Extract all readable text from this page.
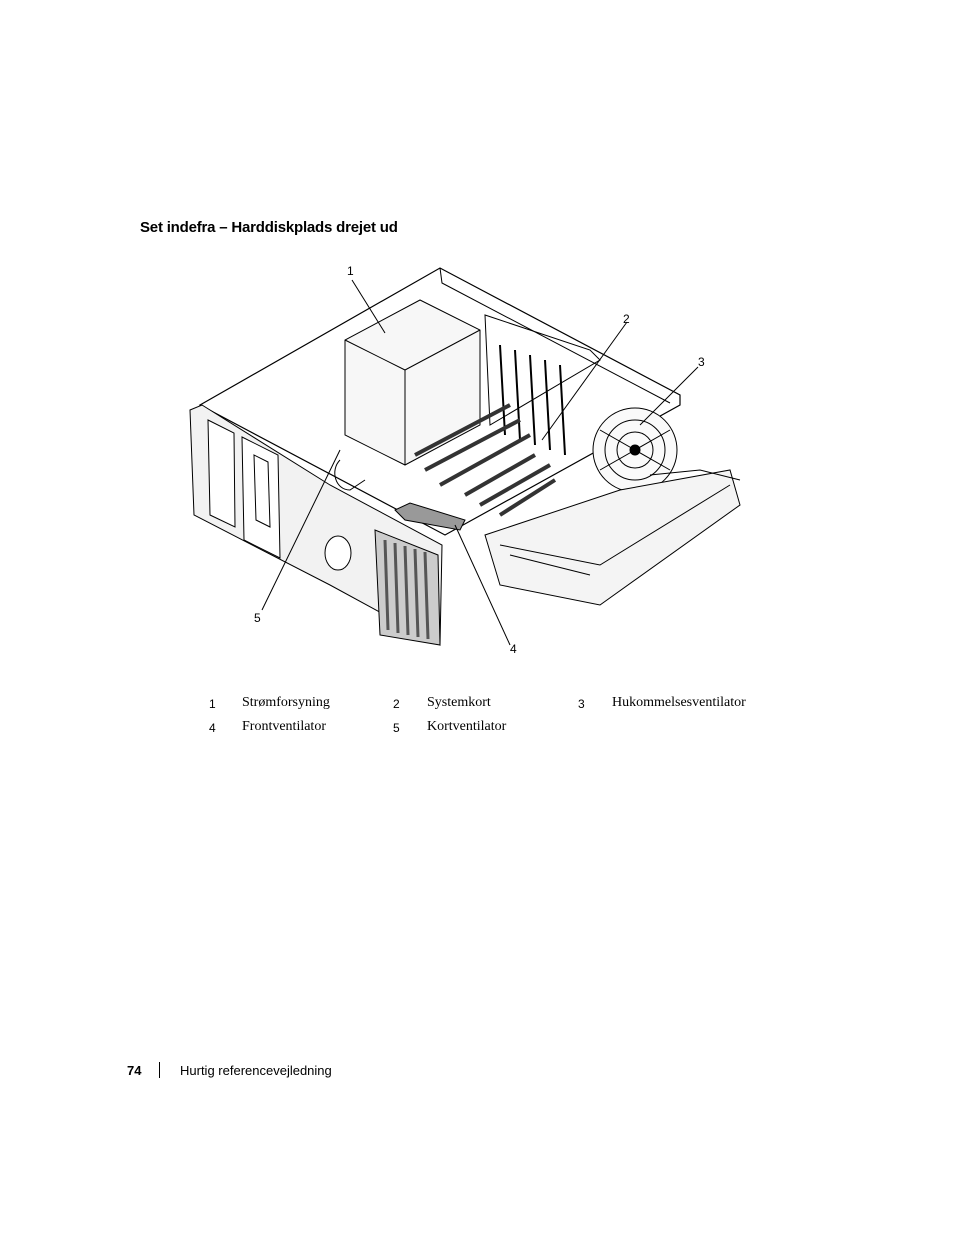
Set indefra – Harddiskplads drejet ud
1
2
3
4
5
1 Strømforsyning	2 Systemkort	3 Hukommelsesventilator
4 Frontventilator	5 Kortventilator
74	Hurtig referencevejledning
